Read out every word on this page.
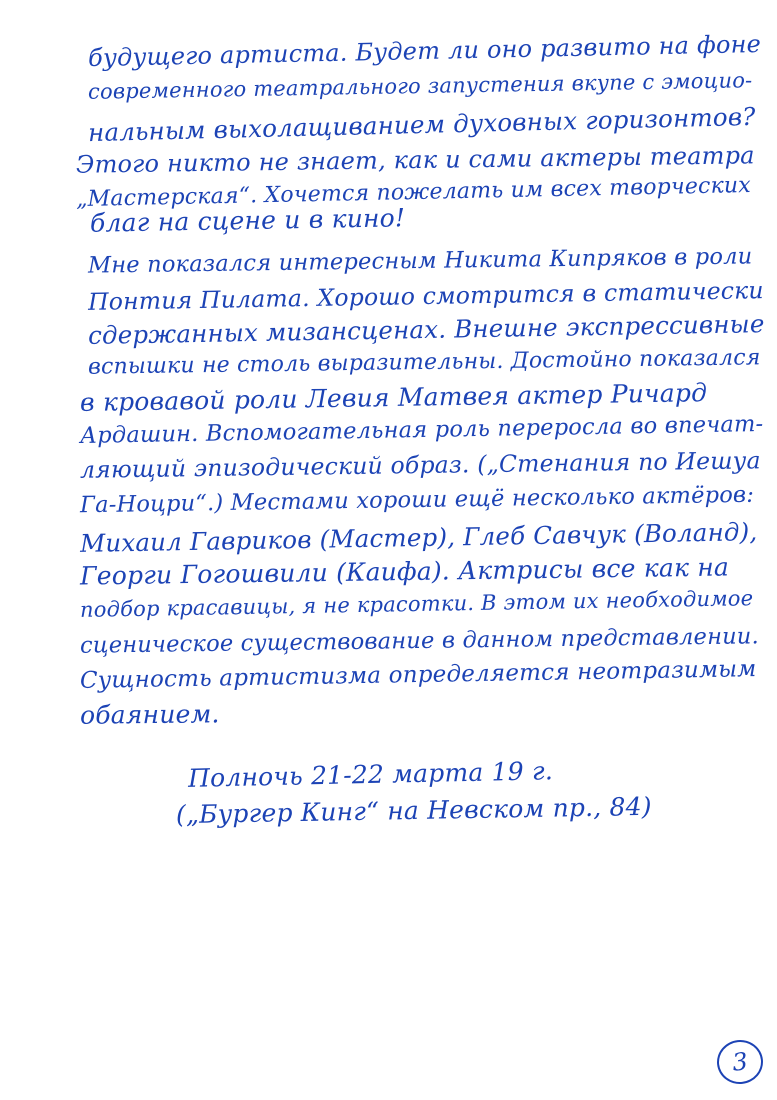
будущего артиста. Будет ли оно развито на фоне
современного театрального запустения вкупе с эмоцио-
нальным выхолащиванием духовных горизонтов?
Этого никто не знает, как и сами актеры театра
„Мастерская“. Хочется пожелать им всех творческих
благ на сцене и в кино!
Мне показался интересным Никита Кипряков в роли
Понтия Пилата. Хорошо смотрится в статически
сдержанных мизансценах. Внешне экспрессивные
вспышки не столь выразительны. Достойно показался
в кровавой роли Левия Матвея актер Ричард
Ардашин. Вспомогательная роль перерослa во впечат-
ляющий эпизодический образ. („Стенания по Иешуа
Га-Ноцри“.) Местами хороши ещё несколько актёров:
Михаил Гавриков (Мастер), Глеб Савчук (Воланд),
Георги Гогошвили (Каифа). Актрисы все как на
подбор красавицы, я не красотки. В этом их необходимое
сценическое существование в данном представлении.
Сущность артистизма определяется неотразимым
обаянием.
Полночь 21-22 марта 19 г.
(„Бургер Кинг“ на Невском пр., 84)
3
